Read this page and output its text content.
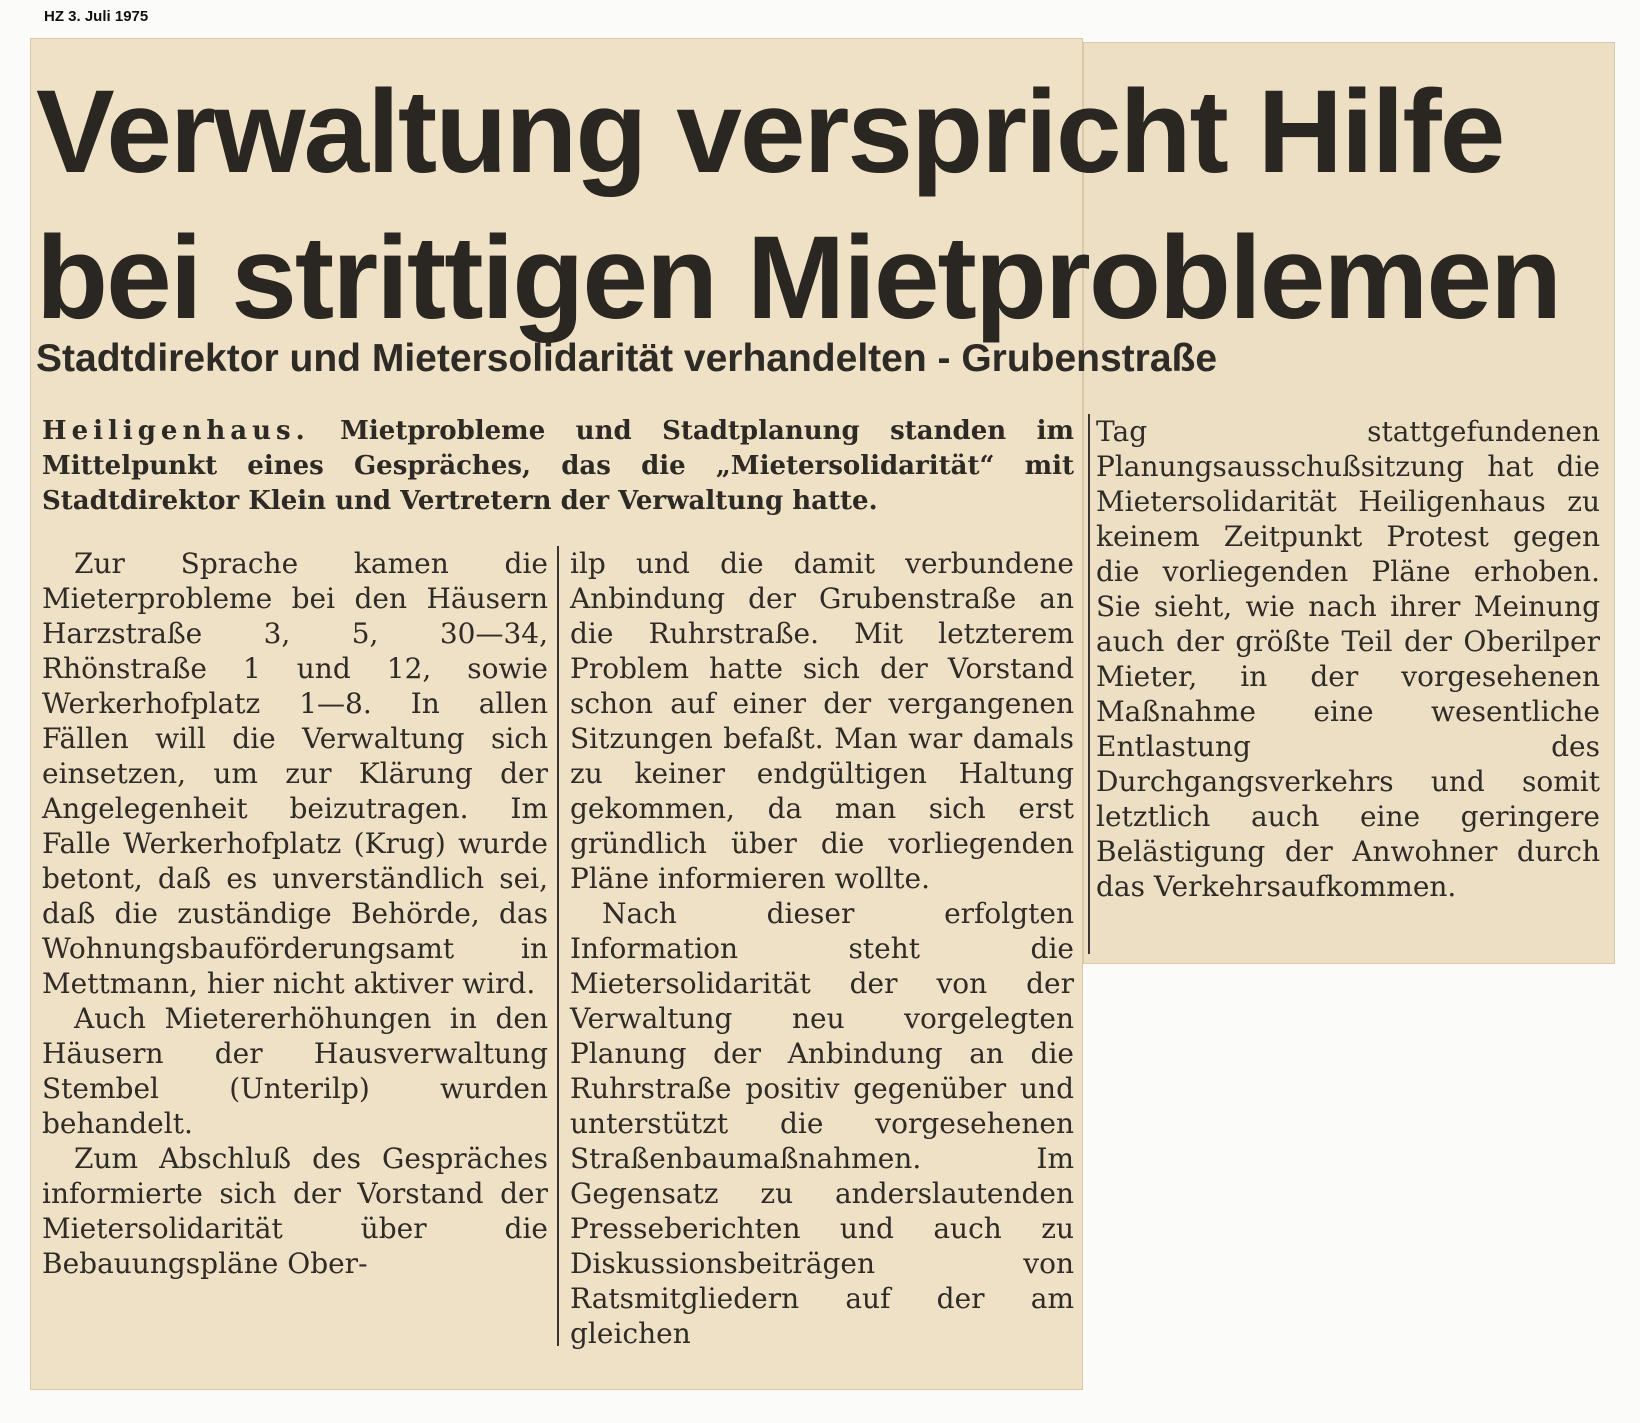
HZ 3. Juli 1975
Verwaltung verspricht Hilfe
bei strittigen Mietproblemen
Stadtdirektor und Mietersolidarität verhandelten - Grubenstraße

Heiligenhaus. Mietprobleme und Stadtplanung standen im Mittelpunkt eines Gespräches, das die „Mietersolidarität“ mit Stadtdirektor Klein und Vertretern der Verwaltung hatte.

Zur Sprache kamen die Mieterprobleme bei den Häusern Harzstraße 3, 5, 30—34, Rhönstraße 1 und 12, sowie Werkerhofplatz 1—8. In allen Fällen will die Verwaltung sich einsetzen, um zur Klärung der Angelegenheit beizutragen. Im Falle Werkerhofplatz (Krug) wurde betont, daß es unverständlich sei, daß die zuständige Behörde, das Wohnungsbauförderungsamt in Mettmann, hier nicht aktiver wird.

Auch Mietererhöhungen in den Häusern der Hausverwaltung Stembel (Unterilp) wurden behandelt.

Zum Abschluß des Gespräches informierte sich der Vorstand der Mietersolidarität über die Bebauungspläne Ober-

ilp und die damit verbundene Anbindung der Grubenstraße an die Ruhrstraße. Mit letzterem Problem hatte sich der Vorstand schon auf einer der vergangenen Sitzungen befaßt. Man war damals zu keiner endgültigen Haltung gekommen, da man sich erst gründlich über die vorliegenden Pläne informieren wollte.

Nach dieser erfolgten Information steht die Mietersolidarität der von der Verwaltung neu vorgelegten Planung der Anbindung an die Ruhrstraße positiv gegenüber und unterstützt die vorgesehenen Straßenbaumaßnahmen. Im Gegensatz zu anderslautenden Presseberichten und auch zu Diskussionsbeiträgen von Ratsmitgliedern auf der am gleichen

Tag stattgefundenen Planungsausschußsitzung hat die Mietersolidarität Heiligenhaus zu keinem Zeitpunkt Protest gegen die vorliegenden Pläne erhoben. Sie sieht, wie nach ihrer Meinung auch der größte Teil der Oberilper Mieter, in der vorgesehenen Maßnahme eine wesentliche Entlastung des Durchgangsverkehrs und somit letztlich auch eine geringere Belästigung der Anwohner durch das Verkehrsaufkommen.
